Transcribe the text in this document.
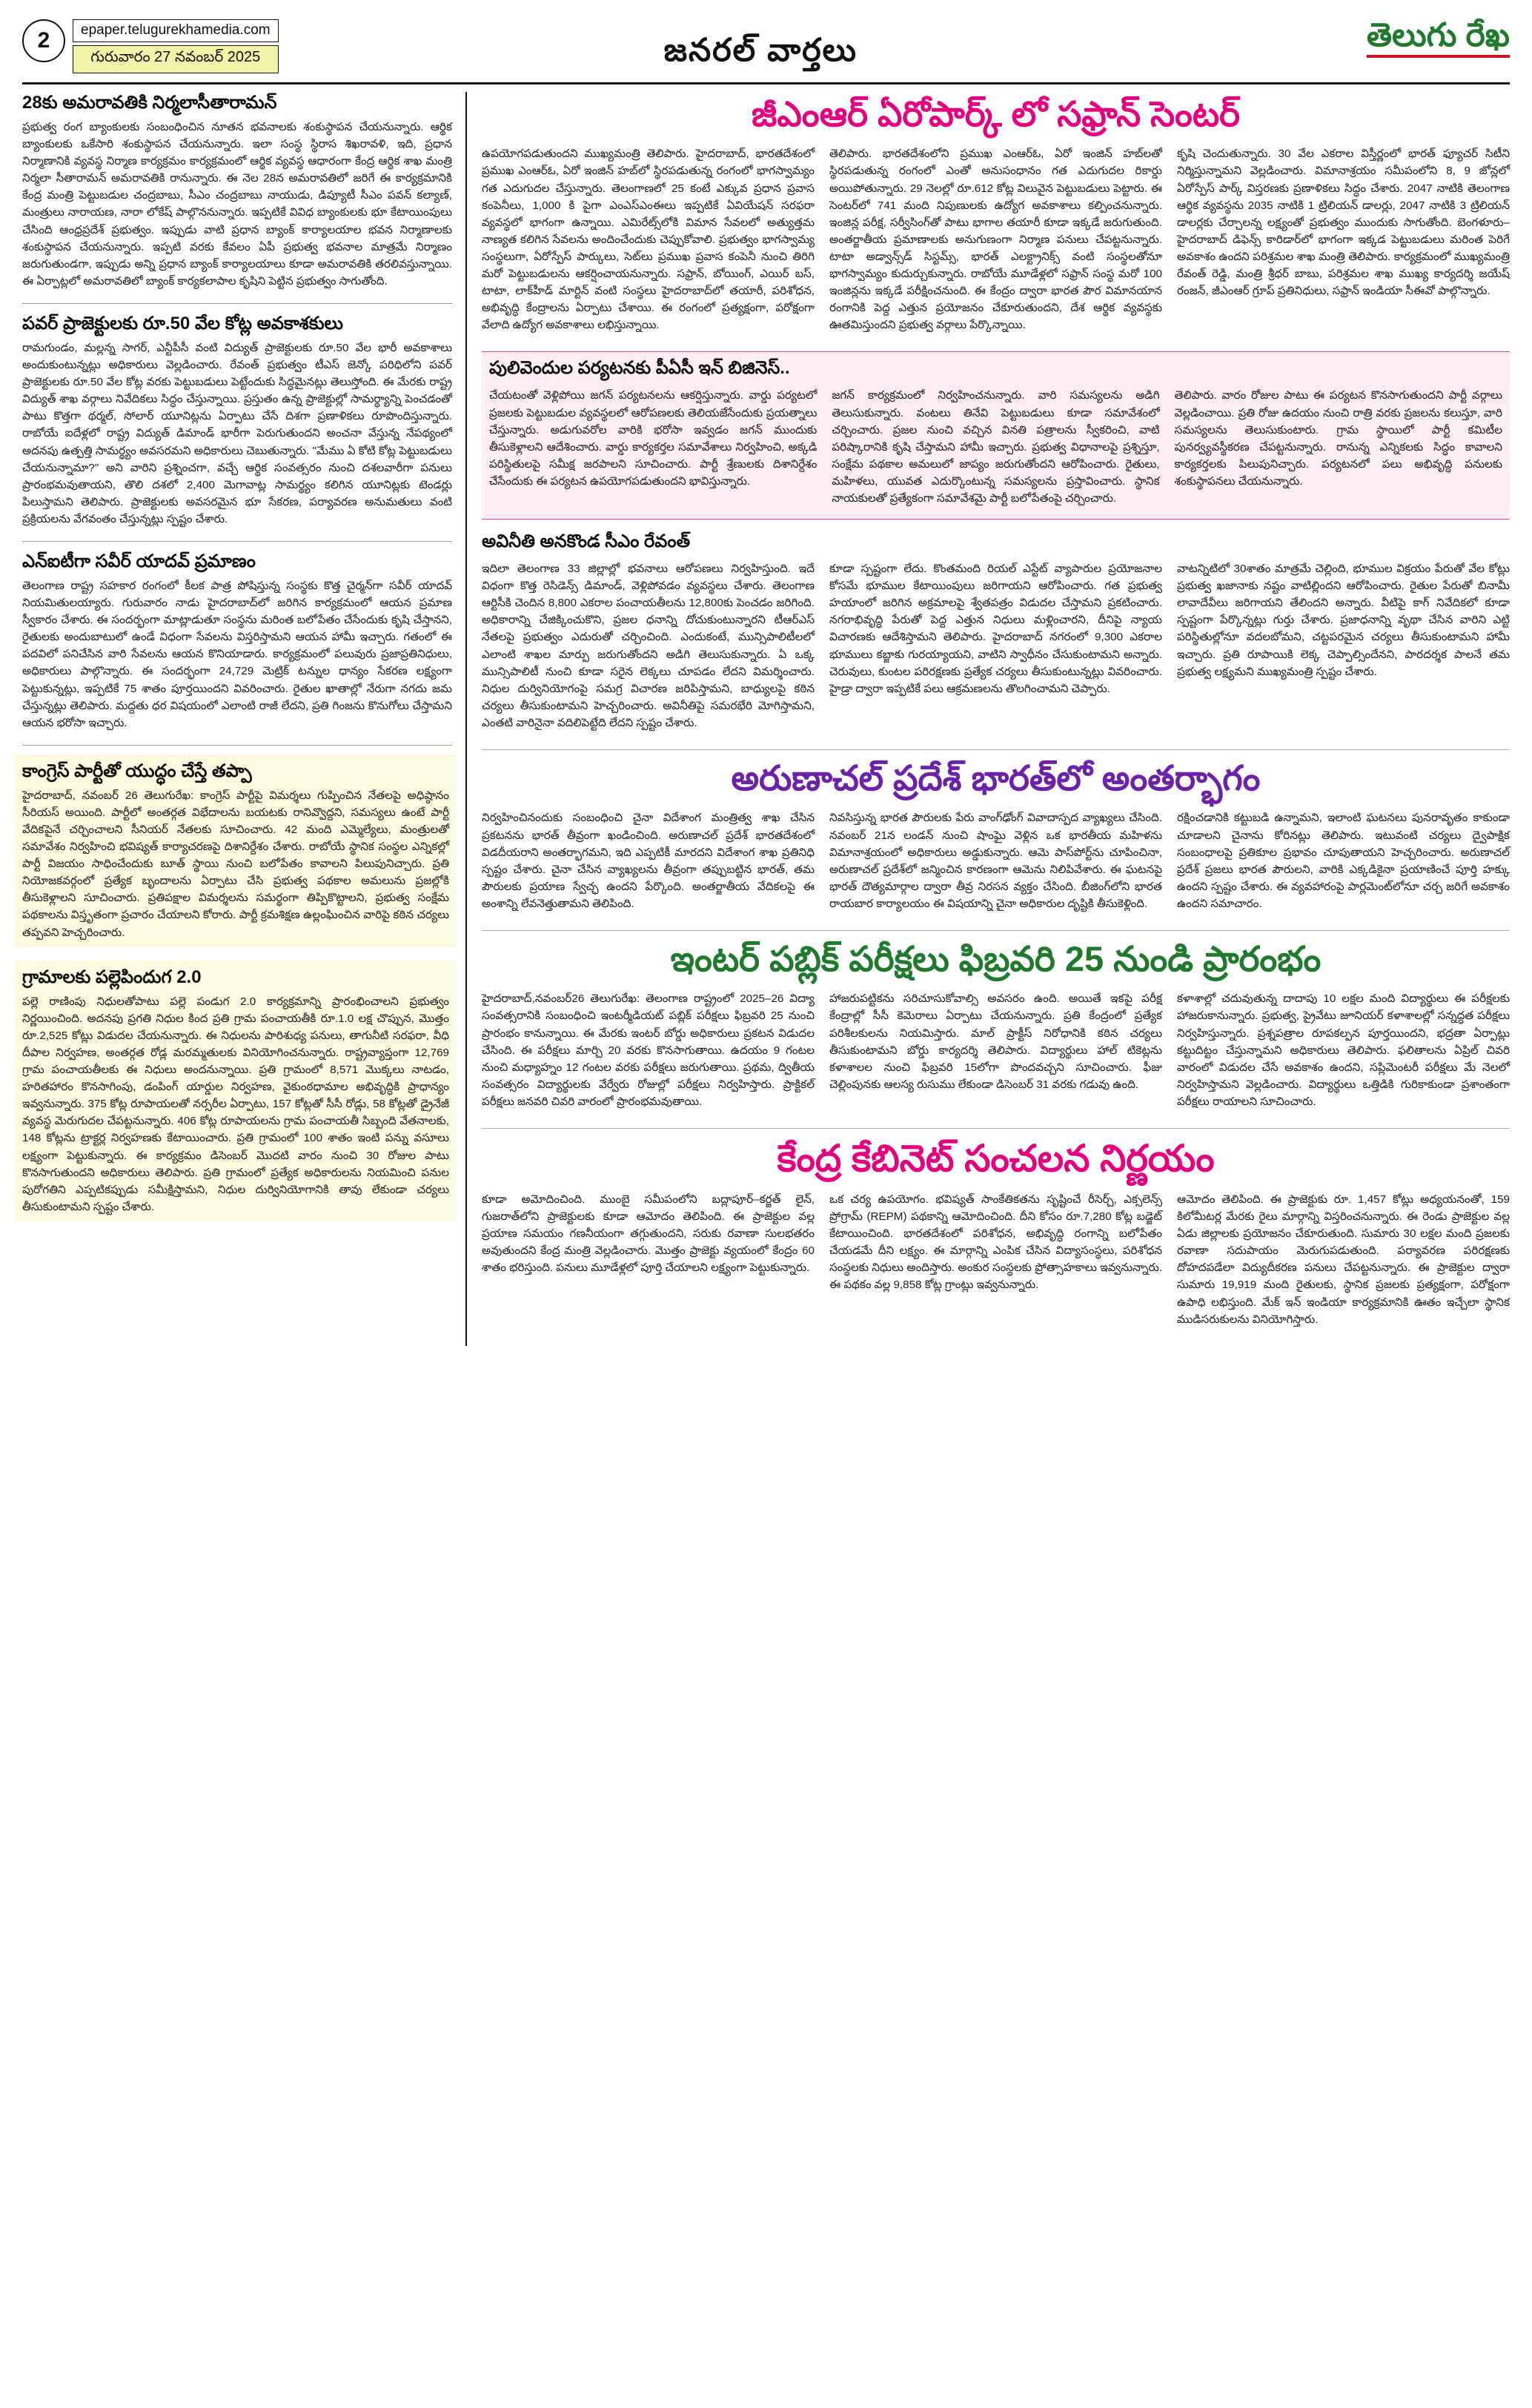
2	epaper.telugurekhamedia.com
గురువారం 27 నవంబర్ 2025	జనరల్ వార్తలు	తెలుగు రేఖ
28కు అమరావతికి నిర్మలాసీతారామన్

ప్రభుత్వ రంగ బ్యాంకులకు సంబంధించిన నూతన భవనాలకు శంకుస్థాపన చేయనున్నారు. ఆర్థిక బ్యాంకులకు ఒకేసారి శంకుస్థాపన చేయనున్నారు. ఇలా సంస్థ స్థిరాస శిఖరావళి, ఇది, ప్రధాన నిర్మాణానికి వ్యవస్థ నిర్మాణ కార్యక్రమం కార్యక్రమంలో ఆర్థిక వ్యవస్థ ఆధారంగా కేంద్ర ఆర్థిక శాఖ మంత్రి నిర్మలా సీతారామన్ అమరావతికి రానున్నారు. ఈ నెల 28న అమరావతిలో జరిగే ఈ కార్యక్రమానికి కేంద్ర మంత్రి పెట్టుబడుల చంద్రబాబు, సీఎం చంద్రబాబు నాయుడు, డిప్యూటీ సీఎం పవన్ కల్యాణ్, మంత్రులు నారాయణ, నారా లోకేష్ పాల్గొననున్నారు. ఇప్పటికే వివిధ బ్యాంకులకు భూ కేటాయింపులు చేసింది ఆంధ్రప్రదేశ్ ప్రభుత్వం. ఇప్పుడు వాటి ప్రధాన బ్యాంక్ కార్యాలయాల భవన నిర్మాణాలకు శంకుస్థాపన చేయనున్నారు. ఇప్పటి వరకు కేవలం ఏపీ ప్రభుత్వ భవనాల మాత్రమే నిర్మాణం జరుగుతుండగా, ఇప్పుడు అన్ని ప్రధాన బ్యాంక్ కార్యాలయాలు కూడా అమరావతికి తరలివస్తున్నాయి. ఈ ఏర్పాట్లలో అమరావతిలో బ్యాంక్ కార్యకలాపాల కృషిని పెట్టిన ప్రభుత్వం సాగుతోంది.

పవర్ ప్రాజెక్టులకు రూ.50 వేల కోట్ల అవకాశకులు

రామగుండం, మల్లన్న సాగర్, ఎన్టీపీసీ వంటి విద్యుత్ ప్రాజెక్టులకు రూ.50 వేల భారీ అవకాశాలు అందుకుంటున్నట్లు అధికారులు వెల్లడించారు. రేవంత్ ప్రభుత్వం టీఎస్ జెన్కో పరిధిలోని పవర్ ప్రాజెక్టులకు రూ.50 వేల కోట్ల వరకు పెట్టుబడులు పెట్టేందుకు సిద్ధమైనట్లు తెలుస్తోంది. ఈ మేరకు రాష్ట్ర విద్యుత్ శాఖ వర్గాలు నివేదికలు సిద్ధం చేస్తున్నాయి. ప్రస్తుతం ఉన్న ప్రాజెక్టుల్లో సామర్థ్యాన్ని పెంచడంతో పాటు కొత్తగా థర్మల్, సోలార్ యూనిట్లను ఏర్పాటు చేసే దిశగా ప్రణాళికలు రూపొందిస్తున్నారు. రాబోయే ఐదేళ్లలో రాష్ట్ర విద్యుత్ డిమాండ్ భారీగా పెరుగుతుందని అంచనా వేస్తున్న నేపథ్యంలో అదనపు ఉత్పత్తి సామర్థ్యం అవసరమని అధికారులు చెబుతున్నారు. "మేము ఏ కోటి కోట్ల పెట్టుబడులు చేయనున్నామా?" అని వారిని ప్రశ్నించగా, వచ్చే ఆర్థిక సంవత్సరం నుంచి దశలవారీగా పనులు ప్రారంభమవుతాయని, తొలి దశలో 2,400 మెగావాట్ల సామర్థ్యం కలిగిన యూనిట్లకు టెండర్లు పిలుస్తామని తెలిపారు. ప్రాజెక్టులకు అవసరమైన భూ సేకరణ, పర్యావరణ అనుమతులు వంటి ప్రక్రియలను వేగవంతం చేస్తున్నట్లు స్పష్టం చేశారు.

ఎన్ఐటీగా సవీర్ యాదవ్ ప్రమాణం

తెలంగాణ రాష్ట్ర సహకార రంగంలో కీలక పాత్ర పోషిస్తున్న సంస్థకు కొత్త చైర్మన్‌గా సవీర్ యాదవ్ నియమితులయ్యారు. గురువారం నాడు హైదరాబాద్‌లో జరిగిన కార్యక్రమంలో ఆయన ప్రమాణ స్వీకారం చేశారు. ఈ సందర్భంగా మాట్లాడుతూ సంస్థను మరింత బలోపేతం చేసేందుకు కృషి చేస్తానని, రైతులకు అందుబాటులో ఉండే విధంగా సేవలను విస్తరిస్తామని ఆయన హామీ ఇచ్చారు. గతంలో ఈ పదవిలో పనిచేసిన వారి సేవలను ఆయన కొనియాడారు. కార్యక్రమంలో పలువురు ప్రజాప్రతినిధులు, అధికారులు పాల్గొన్నారు. ఈ సందర్భంగా 24,729 మెట్రిక్ టన్నుల ధాన్యం సేకరణ లక్ష్యంగా పెట్టుకున్నట్లు, ఇప్పటికే 75 శాతం పూర్తయిందని వివరించారు. రైతుల ఖాతాల్లో నేరుగా నగదు జమ చేస్తున్నట్లు తెలిపారు. మద్దతు ధర విషయంలో ఎలాంటి రాజీ లేదని, ప్రతి గింజను కొనుగోలు చేస్తామని ఆయన భరోసా ఇచ్చారు.

కాంగ్రెస్ పార్టీతో యుద్ధం చేస్తే తప్పా

హైదరాబాద్, నవంబర్ 26 తెలుగురేఖ: కాంగ్రెస్ పార్టీపై విమర్శలు గుప్పించిన నేతలపై అధిష్ఠానం సీరియస్ అయింది. పార్టీలో అంతర్గత విభేదాలను బయటకు రానివ్వొద్దని, సమస్యలు ఉంటే పార్టీ వేదికపైనే చర్చించాలని సీనియర్ నేతలకు సూచించారు. 42 మంది ఎమ్మెల్యేలు, మంత్రులతో సమావేశం నిర్వహించి భవిష్యత్ కార్యాచరణపై దిశానిర్దేశం చేశారు. రాబోయే స్థానిక సంస్థల ఎన్నికల్లో పార్టీ విజయం సాధించేందుకు బూత్ స్థాయి నుంచి బలోపేతం కావాలని పిలుపునిచ్చారు. ప్రతి నియోజకవర్గంలో ప్రత్యేక బృందాలను ఏర్పాటు చేసి ప్రభుత్వ పథకాల అమలును ప్రజల్లోకి తీసుకెళ్లాలని సూచించారు. ప్రతిపక్షాల విమర్శలను సమర్థంగా తిప్పికొట్టాలని, ప్రభుత్వ సంక్షేమ పథకాలను విస్తృతంగా ప్రచారం చేయాలని కోరారు. పార్టీ క్రమశిక్షణ ఉల్లంఘించిన వారిపై కఠిన చర్యలు తప్పవని హెచ్చరించారు.

గ్రామాలకు పల్లెపిందుగ 2.0

పల్లె రాణింపు నిధులతోపాటు పల్లె పండుగ 2.0 కార్యక్రమాన్ని ప్రారంభించాలని ప్రభుత్వం నిర్ణయించింది. అదనపు ప్రగతి నిధుల కింద ప్రతి గ్రామ పంచాయతీకి రూ.1.0 లక్ష చొప్పున, మొత్తం రూ.2,525 కోట్లు విడుదల చేయనున్నారు. ఈ నిధులను పారిశుధ్య పనులు, తాగునీటి సరఫరా, వీధి దీపాల నిర్వహణ, అంతర్గత రోడ్ల మరమ్మతులకు వినియోగించనున్నారు. రాష్ట్రవ్యాప్తంగా 12,769 గ్రామ పంచాయతీలకు ఈ నిధులు అందనున్నాయి. ప్రతి గ్రామంలో 8,571 మొక్కలు నాటడం, హరితహారం కొనసాగింపు, డంపింగ్ యార్డుల నిర్వహణ, వైకుంఠధామాల అభివృద్ధికి ప్రాధాన్యం ఇవ్వనున్నారు. 375 కోట్ల రూపాయలతో నర్సరీల ఏర్పాటు, 157 కోట్లతో సీసీ రోడ్లు, 58 కోట్లతో డ్రైనేజీ వ్యవస్థ మెరుగుదల చేపట్టనున్నారు. 406 కోట్ల రూపాయలను గ్రామ పంచాయతీ సిబ్బంది వేతనాలకు, 148 కోట్లను ట్రాక్టర్ల నిర్వహణకు కేటాయించారు. ప్రతి గ్రామంలో 100 శాతం ఇంటి పన్ను వసూలు లక్ష్యంగా పెట్టుకున్నారు. ఈ కార్యక్రమం డిసెంబర్ మొదటి వారం నుంచి 30 రోజుల పాటు కొనసాగుతుందని అధికారులు తెలిపారు. ప్రతి గ్రామంలో ప్రత్యేక అధికారులను నియమించి పనుల పురోగతిని ఎప్పటికప్పుడు సమీక్షిస్తామని, నిధుల దుర్వినియోగానికి తావు లేకుండా చర్యలు తీసుకుంటామని స్పష్టం చేశారు.

జీఎంఆర్ ఏరోపార్క్ లో సఫ్రాన్ సెంటర్

ఉపయోగపడుతుందని ముఖ్యమంత్రి తెలిపారు. హైదరాబాద్, భారతదేశంలో ప్రముఖ ఎంఆర్ఓ, ఏరో ఇంజిన్ హబ్‌లో స్థిరపడుతున్న రంగంలో భాగస్వామ్యం గత ఎదుగుదల చేస్తున్నారు. తెలంగాణలో 25 కంటే ఎక్కువ ప్రధాన ప్రవాస కంపెనీలు, 1,000 కి పైగా ఎంఎస్ఎంఈలు ఇప్పటికే ఏవియేషన్ సరఫరా వ్యవస్థలో భాగంగా ఉన్నాయి. ఎమిరేట్స్‌లోకి విమాన సేవలలో అత్యుత్తమ నాణ్యత కలిగిన సేవలను అందించేందుకు చెప్పుకోవాలి. ప్రభుత్వం భాగస్వామ్య సంస్థలుగా, ఏరోస్పేస్ పార్కులు, సెట్‌లు ప్రముఖ ప్రవాస కంపెనీ నుంచి తిరిగి మరో పెట్టుబడులను ఆకర్షించాయనున్నారు. సఫ్రాన్, బోయింగ్, ఎయిర్ బస్, టాటా, లాక్‌హీడ్ మార్టిన్ వంటి సంస్థలు హైదరాబాద్‌లో తయారీ, పరిశోధన, అభివృద్ధి కేంద్రాలను ఏర్పాటు చేశాయి. ఈ రంగంలో ప్రత్యక్షంగా, పరోక్షంగా వేలాది ఉద్యోగ అవకాశాలు లభిస్తున్నాయి.

తెలిపారు. భారతదేశంలోని ప్రముఖ ఎంఆర్ఓ, ఏరో ఇంజిన్ హబ్‌లతో స్థిరపడుతున్న రంగంలో ఎంతో అనుసంధానం గత ఎదుగుదల రికార్డు అయిపోతున్నారు. 29 నెలల్లో రూ.612 కోట్ల విలువైన పెట్టుబడులు పెట్టారు. ఈ సెంటర్‌లో 741 మంది నిపుణులకు ఉద్యోగ అవకాశాలు కల్పించనున్నారు. ఇంజిన్ల పరీక్ష, సర్వీసింగ్‌తో పాటు భాగాల తయారీ కూడా ఇక్కడే జరుగుతుంది. అంతర్జాతీయ ప్రమాణాలకు అనుగుణంగా నిర్మాణ పనులు చేపట్టనున్నారు. టాటా అడ్వాన్స్‌డ్ సిస్టమ్స్, భారత్ ఎలక్ట్రానిక్స్ వంటి సంస్థలతోనూ భాగస్వామ్యం కుదుర్చుకున్నారు. రాబోయే మూడేళ్లలో సఫ్రాన్ సంస్థ మరో 100 ఇంజిన్లను ఇక్కడే పరీక్షించనుంది. ఈ కేంద్రం ద్వారా భారత పౌర విమానయాన రంగానికి పెద్ద ఎత్తున ప్రయోజనం చేకూరుతుందని, దేశ ఆర్థిక వ్యవస్థకు ఊతమిస్తుందని ప్రభుత్వ వర్గాలు పేర్కొన్నాయి.

కృషి చెందుతున్నారు. 30 వేల ఎకరాల విస్తీర్ణంలో భారత్ ఫ్యూచర్ సిటీని నిర్మిస్తున్నామని వెల్లడించారు. విమానాశ్రయం సమీపంలోని 8, 9 జోన్లలో ఏరోస్పేస్ పార్క్ విస్తరణకు ప్రణాళికలు సిద్ధం చేశారు. 2047 నాటికి తెలంగాణ ఆర్థిక వ్యవస్థను 2035 నాటికి 1 ట్రిలియన్ డాలర్లు, 2047 నాటికి 3 ట్రిలియన్ డాలర్లకు చేర్చాలన్న లక్ష్యంతో ప్రభుత్వం ముందుకు సాగుతోంది. బెంగళూరు–హైదరాబాద్ డిఫెన్స్ కారిడార్‌లో భాగంగా ఇక్కడ పెట్టుబడులు మరింత పెరిగే అవకాశం ఉందని పరిశ్రమల శాఖ మంత్రి తెలిపారు. కార్యక్రమంలో ముఖ్యమంత్రి రేవంత్ రెడ్డి, మంత్రి శ్రీధర్ బాబు, పరిశ్రమల శాఖ ముఖ్య కార్యదర్శి జయేష్ రంజన్, జీఎంఆర్ గ్రూప్ ప్రతినిధులు, సఫ్రాన్ ఇండియా సీఈవో పాల్గొన్నారు.

పులివెందుల పర్యటనకు పీఏసీ ఇన్ బిజినెస్..

చేయటంతో వెళ్లిపోయి జగన్ పర్యటనలను ఆకర్షిస్తున్నారు. వార్డు పర్యటలో ప్రజలకు పెట్టుబడుల వ్యవస్థలలో ఆరోపణలకు తెలియజేసేందుకు ప్రయత్నాలు చేస్తున్నారు. అడుగువరోల వారికి భరోసా ఇవ్వడం జగన్ ముందుకు తీసుకెళ్లాలని ఆదేశించారు. వార్డు కార్యకర్తల సమావేశాలు నిర్వహించి, అక్కడి పరిస్థితులపై సమీక్ష జరపాలని సూచించారు. పార్టీ శ్రేణులకు దిశానిర్దేశం చేసేందుకు ఈ పర్యటన ఉపయోగపడుతుందని భావిస్తున్నారు.

జగన్ కార్యక్రమంలో నిర్వహించనున్నారు. వారి సమస్యలను అడిగి తెలుసుకున్నారు. వంటలు తినేవి పెట్టుబడులు కూడా సమావేశంలో చర్చించారు. ప్రజల నుంచి వచ్చిన వినతి పత్రాలను స్వీకరించి, వాటి పరిష్కారానికి కృషి చేస్తామని హామీ ఇచ్చారు. ప్రభుత్వ విధానాలపై ప్రశ్నిస్తూ, సంక్షేమ పథకాల అమలులో జాప్యం జరుగుతోందని ఆరోపించారు. రైతులు, మహిళలు, యువత ఎదుర్కొంటున్న సమస్యలను ప్రస్తావించారు. స్థానిక నాయకులతో ప్రత్యేకంగా సమావేశమై పార్టీ బలోపేతంపై చర్చించారు.

తెలిపారు. వారం రోజుల పాటు ఈ పర్యటన కొనసాగుతుందని పార్టీ వర్గాలు వెల్లడించాయి. ప్రతి రోజు ఉదయం నుంచి రాత్రి వరకు ప్రజలను కలుస్తూ, వారి సమస్యలను తెలుసుకుంటారు. గ్రామ స్థాయిలో పార్టీ కమిటీల పునర్వ్యవస్థీకరణ చేపట్టనున్నారు. రానున్న ఎన్నికలకు సిద్ధం కావాలని కార్యకర్తలకు పిలుపునిచ్చారు. పర్యటనలో పలు అభివృద్ధి పనులకు శంకుస్థాపనలు చేయనున్నారు.

అవినీతి అనకొండ సీఎం రేవంత్

ఇదిలా తెలంగాణ 33 జిల్లాల్లో భవనాలు ఆరోపణలు నిర్వహిస్తుంది. ఇదే విధంగా కొత్త రెసిడెన్స్ డిమాండ్, వెళ్లిపోవడం వ్యవస్థలు చేశారు. తెలంగాణ ఆర్టిసీకి చెందిన 8,800 ఎకరాల పంచాయతీలను 12,800కు పెంచడం జరిగింది. అధికారాన్ని చేజిక్కించుకొని, ప్రజల ధనాన్ని దోచుకుంటున్నారని టీఆర్ఎస్ నేతలపై ప్రభుత్వం ఎదురుతో చర్చించింది. ఎందుకంటే, మున్సిపాలిటీలలో ఎలాంటి శాఖల మార్పు జరుగుతోందని అడిగి తెలుసుకున్నారు. ఏ ఒక్క మున్సిపాలిటీ నుంచి కూడా సరైన లెక్కలు చూపడం లేదని విమర్శించారు. నిధుల దుర్వినియోగంపై సమగ్ర విచారణ జరిపిస్తామని, బాధ్యులపై కఠిన చర్యలు తీసుకుంటామని హెచ్చరించారు. అవినీతిపై సమరభేరి మోగిస్తామని, ఎంతటి వారినైనా వదిలిపెట్టేది లేదని స్పష్టం చేశారు.

కూడా స్పష్టంగా లేదు. కొంతమంది రియల్ ఎస్టేట్ వ్యాపారుల ప్రయోజనాల కోసమే భూముల కేటాయింపులు జరిగాయని ఆరోపించారు. గత ప్రభుత్వ హయాంలో జరిగిన అక్రమాలపై శ్వేతపత్రం విడుదల చేస్తామని ప్రకటించారు. నగరాభివృద్ధి పేరుతో పెద్ద ఎత్తున నిధులు మళ్లించారని, దీనిపై న్యాయ విచారణకు ఆదేశిస్తామని తెలిపారు. హైదరాబాద్ నగరంలో 9,300 ఎకరాల భూములు కబ్జాకు గురయ్యాయని, వాటిని స్వాధీనం చేసుకుంటామని అన్నారు. చెరువులు, కుంటల పరిరక్షణకు ప్రత్యేక చర్యలు తీసుకుంటున్నట్లు వివరించారు. హైడ్రా ద్వారా ఇప్పటికే పలు ఆక్రమణలను తొలగించామని చెప్పారు.

వాటన్నిటిలో 30శాతం మాత్రమే చెల్లింది, భూముల విక్రయం పేరుతో వేల కోట్లు ప్రభుత్వ ఖజానాకు నష్టం వాటిల్లిందని ఆరోపించారు. రైతుల పేరుతో బినామీ లావాదేవీలు జరిగాయని తేలిందని అన్నారు. వీటిపై కాగ్ నివేదికలో కూడా స్పష్టంగా పేర్కొన్నట్లు గుర్తు చేశారు. ప్రజాధనాన్ని వృథా చేసిన వారిని ఎట్టి పరిస్థితుల్లోనూ వదలబోమని, చట్టపరమైన చర్యలు తీసుకుంటామని హామీ ఇచ్చారు. ప్రతి రూపాయికి లెక్క చెప్పాల్సిందేనని, పారదర్శక పాలనే తమ ప్రభుత్వ లక్ష్యమని ముఖ్యమంత్రి స్పష్టం చేశారు.

అరుణాచల్ ప్రదేశ్ భారత్‌లో అంతర్భాగం

నిర్వహించినందుకు సంబంధించి చైనా విదేశాంగ మంత్రిత్వ శాఖ చేసిన ప్రకటనను భారత్ తీవ్రంగా ఖండించింది. అరుణాచల్ ప్రదేశ్ భారతదేశంలో విడదీయరాని అంతర్భాగమని, ఇది ఎప్పటికీ మారదని విదేశాంగ శాఖ ప్రతినిధి స్పష్టం చేశారు. చైనా చేసిన వ్యాఖ్యలను తీవ్రంగా తప్పుబట్టిన భారత్, తమ పౌరులకు ప్రయాణ స్వేచ్ఛ ఉందని పేర్కొంది. అంతర్జాతీయ వేదికలపై ఈ అంశాన్ని లేవనెత్తుతామని తెలిపింది.

నివసిస్తున్న భారత పౌరులకు పేరు వాంగ్‌ఢోంగ్ వివాదాస్పద వ్యాఖ్యలు చేసింది. నవంబర్ 21న లండన్ నుంచి షాంఘై వెళ్లిన ఒక భారతీయ మహిళను విమానాశ్రయంలో అధికారులు అడ్డుకున్నారు. ఆమె పాస్‌పోర్ట్‌ను చూపించినా, అరుణాచల్ ప్రదేశ్‌లో జన్మించిన కారణంగా ఆమెను నిలిపివేశారు. ఈ ఘటనపై భారత్ దౌత్యమార్గాల ద్వారా తీవ్ర నిరసన వ్యక్తం చేసింది. బీజింగ్‌లోని భారత రాయబార కార్యాలయం ఈ విషయాన్ని చైనా అధికారుల దృష్టికి తీసుకెళ్లింది.

రక్షించడానికి కట్టుబడి ఉన్నామని, ఇలాంటి ఘటనలు పునరావృతం కాకుండా చూడాలని చైనాను కోరినట్లు తెలిపారు. ఇటువంటి చర్యలు ద్వైపాక్షిక సంబంధాలపై ప్రతికూల ప్రభావం చూపుతాయని హెచ్చరించారు. అరుణాచల్ ప్రదేశ్ ప్రజలు భారత పౌరులని, వారికి ఎక్కడికైనా ప్రయాణించే పూర్తి హక్కు ఉందని స్పష్టం చేశారు. ఈ వ్యవహారంపై పార్లమెంట్‌లోనూ చర్చ జరిగే అవకాశం ఉందని సమాచారం.

ఇంటర్ పబ్లిక్ పరీక్షలు ఫిబ్రవరి 25 నుండి ప్రారంభం

హైదరాబాద్,నవంబర్26 తెలుగురేఖ: తెలంగాణ రాష్ట్రంలో 2025–26 విద్యా సంవత్సరానికి సంబంధించి ఇంటర్మీడియట్ పబ్లిక్ పరీక్షలు ఫిబ్రవరి 25 నుంచి ప్రారంభం కానున్నాయి. ఈ మేరకు ఇంటర్ బోర్డు అధికారులు ప్రకటన విడుదల చేసింది. ఈ పరీక్షలు మార్చి 20 వరకు కొనసాగుతాయి. ఉదయం 9 గంటల నుంచి మధ్యాహ్నం 12 గంటల వరకు పరీక్షలు జరుగుతాయి. ప్రథమ, ద్వితీయ సంవత్సరం విద్యార్థులకు వేర్వేరు రోజుల్లో పరీక్షలు నిర్వహిస్తారు. ప్రాక్టికల్ పరీక్షలు జనవరి చివరి వారంలో ప్రారంభమవుతాయి.

హాజరుపట్టికను సరిచూసుకోవాల్సి అవసరం ఉంది. అయితే ఇకపై పరీక్ష కేంద్రాల్లో సీసీ కెమెరాలు ఏర్పాటు చేయనున్నారు. ప్రతి కేంద్రంలో ప్రత్యేక పరిశీలకులను నియమిస్తారు. మాల్ ప్రాక్టీస్ నిరోధానికి కఠిన చర్యలు తీసుకుంటామని బోర్డు కార్యదర్శి తెలిపారు. విద్యార్థులు హాల్ టికెట్లను కళాశాలల నుంచి ఫిబ్రవరి 15లోగా పొందవచ్చని సూచించారు. ఫీజు చెల్లింపునకు ఆలస్య రుసుము లేకుండా డిసెంబర్ 31 వరకు గడువు ఉంది.

కళాశాల్లో చదువుతున్న దాదాపు 10 లక్షల మంది విద్యార్థులు ఈ పరీక్షలకు హాజరుకానున్నారు. ప్రభుత్వ, ప్రైవేటు జూనియర్ కళాశాలల్లో సన్నద్ధత పరీక్షలు నిర్వహిస్తున్నారు. ప్రశ్నపత్రాల రూపకల్పన పూర్తయిందని, భద్రతా ఏర్పాట్లు కట్టుదిట్టం చేస్తున్నామని అధికారులు తెలిపారు. ఫలితాలను ఏప్రిల్ చివరి వారంలో విడుదల చేసే అవకాశం ఉందని, సప్లిమెంటరీ పరీక్షలు మే నెలలో నిర్వహిస్తామని వెల్లడించారు. విద్యార్థులు ఒత్తిడికి గురికాకుండా ప్రశాంతంగా పరీక్షలు రాయాలని సూచించారు.

కేంద్ర కేబినెట్ సంచలన నిర్ణయం

కూడా అమోదించింది. ముంబై సమీపంలోని బద్లాపూర్–కర్జత్ లైన్, గుజరాత్‌లోని ప్రాజెక్టులకు కూడా ఆమోదం తెలిపింది. ఈ ప్రాజెక్టుల వల్ల ప్రయాణ సమయం గణనీయంగా తగ్గుతుందని, సరుకు రవాణా సులభతరం అవుతుందని కేంద్ర మంత్రి వెల్లడించారు. మొత్తం ప్రాజెక్టు వ్యయంలో కేంద్రం 60 శాతం భరిస్తుంది. పనులు మూడేళ్లలో పూర్తి చేయాలని లక్ష్యంగా పెట్టుకున్నారు.

ఒక చర్య ఉపయోగం. భవిష్యత్ సాంకేతికతను సృష్టించే రీసెర్చ్, ఎక్సలెన్స్ ప్రోగ్రామ్ (REPM) పథకాన్ని ఆమోదించింది. దీని కోసం రూ.7,280 కోట్ల బడ్జెట్ కేటాయించింది. భారతదేశంలో పరిశోధన, అభివృద్ధి రంగాన్ని బలోపేతం చేయడమే దీని లక్ష్యం. ఈ మార్గాన్ని ఎంపిక చేసిన విద్యాసంస్థలు, పరిశోధన సంస్థలకు నిధులు అందిస్తారు. అంకుర సంస్థలకు ప్రోత్సాహకాలు ఇవ్వనున్నారు. ఈ పథకం వల్ల 9,858 కోట్ల గ్రాంట్లు ఇవ్వనున్నారు.

ఆమోదం తెలిపింది. ఈ ప్రాజెక్టుకు రూ. 1,457 కోట్లు అధ్యయనంతో, 159 కిలోమీటర్ల మేరకు రైలు మార్గాన్ని విస్తరించనున్నారు. ఈ రెండు ప్రాజెక్టుల వల్ల ఏడు జిల్లాలకు ప్రయోజనం చేకూరుతుంది. సుమారు 30 లక్షల మంది ప్రజలకు రవాణా సదుపాయం మెరుగుపడుతుంది. పర్యావరణ పరిరక్షణకు దోహదపడేలా విద్యుదీకరణ పనులు చేపట్టనున్నారు. ఈ ప్రాజెక్టుల ద్వారా సుమారు 19,919 మంది రైతులకు, స్థానిక ప్రజలకు ప్రత్యక్షంగా, పరోక్షంగా ఉపాధి లభిస్తుంది. మేక్ ఇన్ ఇండియా కార్యక్రమానికి ఊతం ఇచ్చేలా స్థానిక ముడిసరుకులను వినియోగిస్తారు.
